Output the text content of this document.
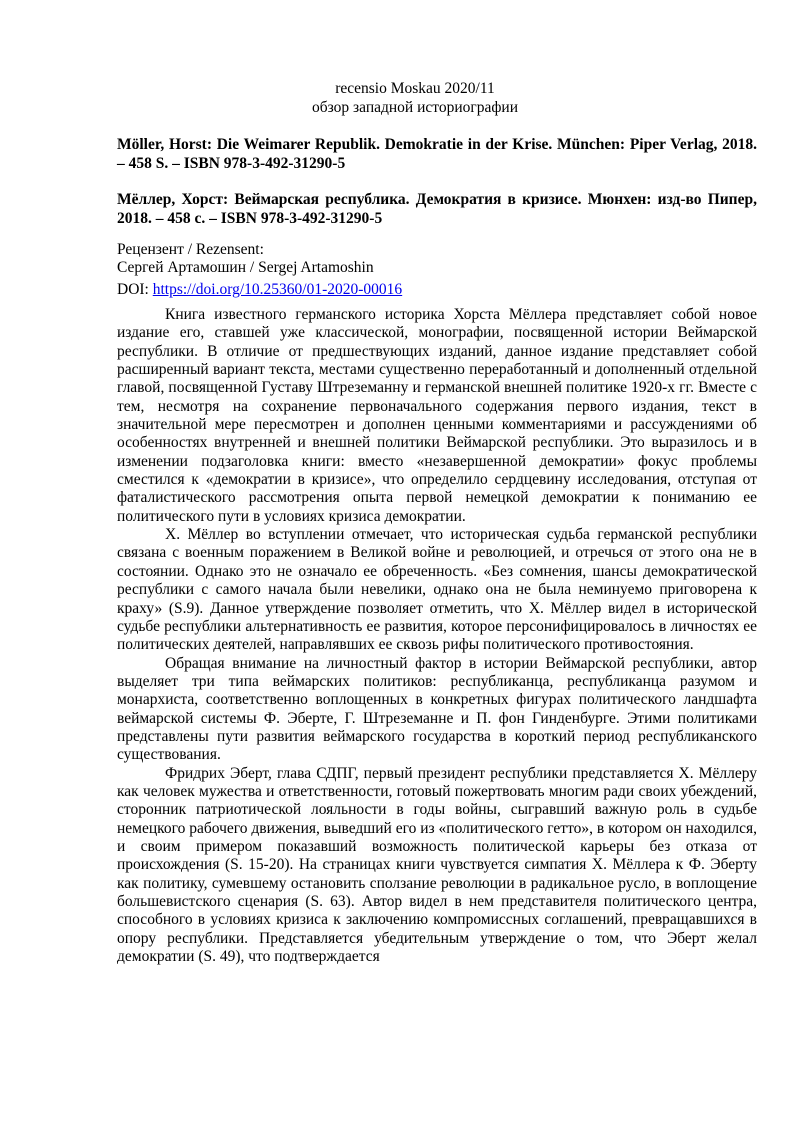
recensio Moskau 2020/11
обзор западной историографии
Möller, Horst: Die Weimarer Republik. Demokratie in der Krise. München: Piper Verlag, 2018. – 458 S. – ISBN 978-3-492-31290-5
Мёллер, Хорст: Веймарская республика. Демократия в кризисе. Мюнхен: изд-во Пипер, 2018. – 458 с. – ISBN 978-3-492-31290-5
Рецензент / Rezensent:
Сергей Артамошин / Sergej Artamoshin
DOI: https://doi.org/10.25360/01-2020-00016

Книга известного германского историка Хорста Мёллера представляет собой новое издание его, ставшей уже классической, монографии, посвященной истории Веймарской республики. В отличие от предшествующих изданий, данное издание представляет собой расширенный вариант текста, местами существенно переработанный и дополненный отдельной главой, посвященной Густаву Штреземанну и германской внешней политике 1920-х гг. Вместе с тем, несмотря на сохранение первоначального содержания первого издания, текст в значительной мере пересмотрен и дополнен ценными комментариями и рассуждениями об особенностях внутренней и внешней политики Веймарской республики. Это выразилось и в изменении подзаголовка книги: вместо «незавершенной демократии» фокус проблемы сместился к «демократии в кризисе», что определило сердцевину исследования, отступая от фаталистического рассмотрения опыта первой немецкой демократии к пониманию ее политического пути в условиях кризиса демократии.

Х. Мёллер во вступлении отмечает, что историческая судьба германской республики связана с военным поражением в Великой войне и революцией, и отречься от этого она не в состоянии. Однако это не означало ее обреченность. «Без сомнения, шансы демократической республики с самого начала были невелики, однако она не была неминуемо приговорена к краху» (S.9). Данное утверждение позволяет отметить, что Х. Мёллер видел в исторической судьбе республики альтернативность ее развития, которое персонифицировалось в личностях ее политических деятелей, направлявших ее сквозь рифы политического противостояния.

Обращая внимание на личностный фактор в истории Веймарской республики, автор выделяет три типа веймарских политиков: республиканца, республиканца разумом и монархиста, соответственно воплощенных в конкретных фигурах политического ландшафта веймарской системы Ф. Эберте, Г. Штреземанне и П. фон Гинденбурге. Этими политиками представлены пути развития веймарского государства в короткий период республиканского существования.

Фридрих Эберт, глава СДПГ, первый президент республики представляется Х. Мёллеру как человек мужества и ответственности, готовый пожертвовать многим ради своих убеждений, сторонник патриотической лояльности в годы войны, сыгравший важную роль в судьбе немецкого рабочего движения, выведший его из «политического гетто», в котором он находился, и своим примером показавший возможность политической карьеры без отказа от происхождения (S. 15-20). На страницах книги чувствуется симпатия Х. Мёллера к Ф. Эберту как политику, сумевшему остановить сползание революции в радикальное русло, в воплощение большевистского сценария (S. 63). Автор видел в нем представителя политического центра, способного в условиях кризиса к заключению компромиссных соглашений, превращавшихся в опору республики. Представляется убедительным утверждение о том, что Эберт желал демократии (S. 49), что подтверждается
